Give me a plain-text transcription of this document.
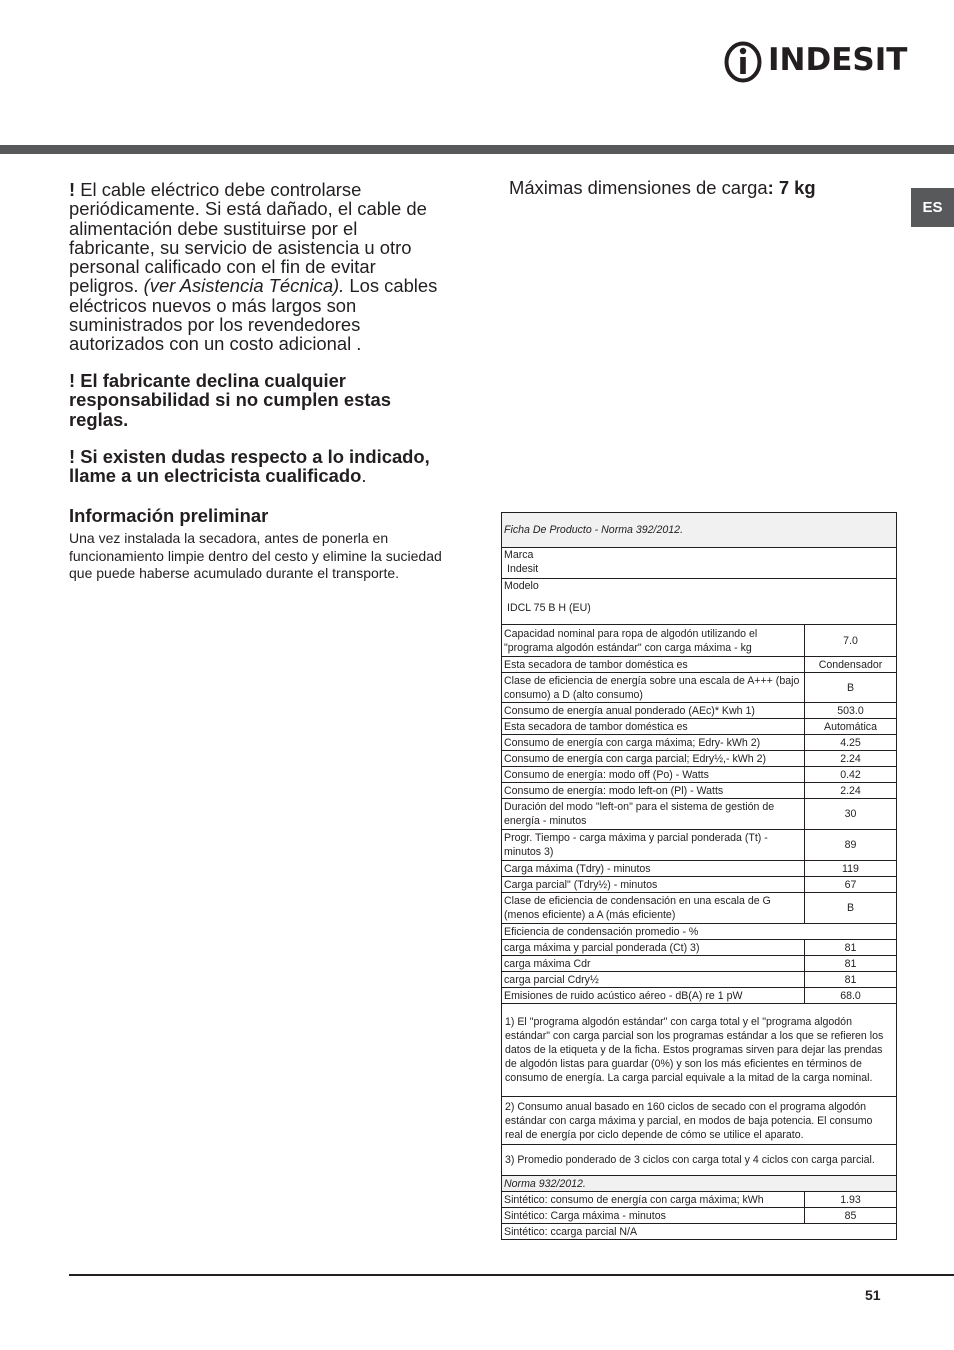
INDESIT
ES

! El cable eléctrico debe controlarse periódicamente. Si está dañado, el cable de alimentación debe sustituirse por el fabricante, su servicio de asistencia u otro personal calificado con el fin de evitar peligros. (ver Asistencia Técnica). Los cables eléctricos nuevos o más largos son suministrados por los revendedores autorizados con un costo adicional .

! El fabricante declina cualquier responsabilidad si no cumplen estas reglas.

! Si existen dudas respecto a lo indicado, llame a un electricista cualificado.

Información preliminar

Una vez instalada la secadora, antes de ponerla en funcionamiento limpie dentro del cesto y elimine la suciedad que puede haberse acumulado durante el transporte.

Máximas dimensiones de carga: 7 kg

Ficha De Producto - Norma 392/2012.	

Marca
Indesit	

Modelo
IDCL 75 B H (EU)	

Capacidad nominal para ropa de algodón utilizando el "programa algodón estándar" con carga máxima - kg	7.0
Esta secadora de tambor doméstica es	Condensador
Clase de eficiencia de energía sobre una escala de A+++ (bajo consumo) a D (alto consumo)	B
Consumo de energía anual ponderado (AEc)* Kwh 1)	503.0
Esta secadora de tambor doméstica es	Automática
Consumo de energía con carga máxima; Edry- kWh 2)	4.25
Consumo de energía con carga parcial; Edry½,- kWh 2)	2.24
Consumo de energía: modo off (Po) - Watts	0.42
Consumo de energía: modo left-on (Pl) - Watts	2.24
Duración del modo "left-on" para el sistema de gestión de energía - minutos	30
Progr. Tiempo - carga máxima y parcial ponderada (Tt) - minutos 3)	89
Carga máxima (Tdry) - minutos	119
Carga parcial" (Tdry½) - minutos	67
Clase de eficiencia de condensación en una escala de G (menos eficiente) a A (más eficiente)	B
Eficiencia de condensación promedio - %	
carga máxima y parcial ponderada (Ct) 3)	81
carga máxima Cdr	81
carga parcial Cdry½	81
Emisiones de ruido acústico aéreo - dB(A) re 1 pW	68.0
1) El "programa algodón estándar" con carga total y el "programa algodón estándar" con carga parcial son los programas estándar a los que se refieren los datos de la etiqueta y de la ficha. Estos programas sirven para dejar las prendas de algodón listas para guardar (0%) y son los más eficientes en términos de consumo de energía. La carga parcial equivale a la mitad de la carga nominal.	
2) Consumo anual basado en 160 ciclos de secado con el programa algodón estándar con carga máxima y parcial, en modos de baja potencia. El consumo real de energía por ciclo depende de cómo se utilice el aparato.	
3) Promedio ponderado de 3 ciclos con carga total y 4 ciclos con carga parcial.	
Norma 932/2012.	
Sintético: consumo de energía con carga máxima; kWh	1.93
Sintético: Carga máxima - minutos	85
Sintético: ccarga parcial N/A	
51
